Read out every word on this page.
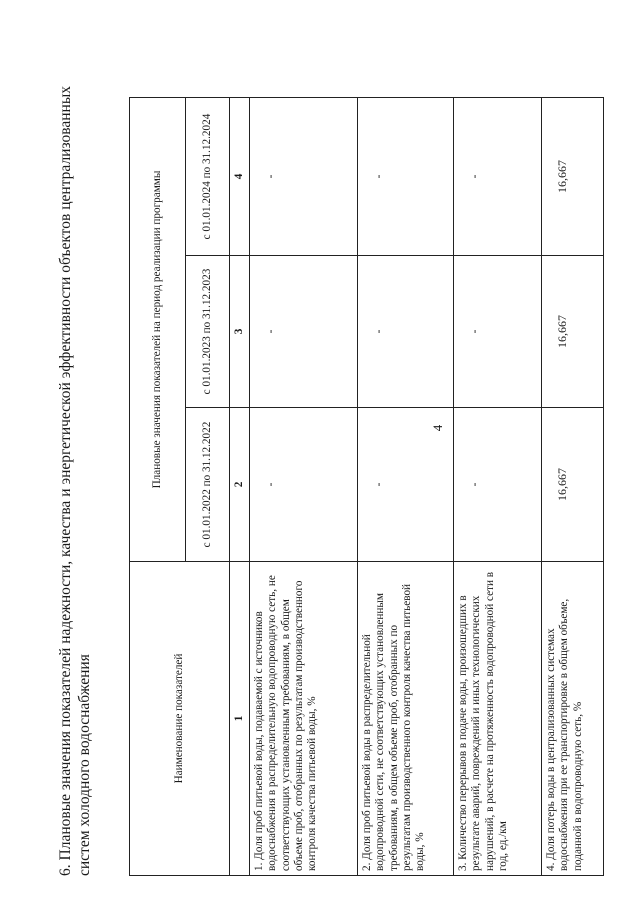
4
6. Плановые значения показателей надежности, качества и энергетической эффективности объектов централизованных систем холодного водоснабжения	Наименование показателей	Плановые значения показателей на период реализации программы		
	с 01.01.2022 по 31.12.2022	с 01.01.2023 по 31.12.2023	с 01.01.2024 по 31.12.2024
1	2	3	4
1. Доля проб питьевой воды, подаваемой с источников водоснабжения в распределительную водопроводную сеть, не соответствующих установленным требованиям, в общем объеме проб, отобранных по результатам производственного контроля качества питьевой воды, %	-	-	-
2. Доля проб питьевой воды в распределительной водопроводной сети, не соответствующих установленным требованиям, в общем объеме проб, отобранных по результатам производственного контроля качества питьевой воды, %	-	-	-
3. Количество перерывов в подаче воды, произошедших в результате аварий, повреждений и иных технологических нарушений, в расчете на протяженность водопроводной сети в год, ед./км	-	-	-
4. Доля потерь воды в централизованных системах водоснабжения при ее транспортировке в общем объеме, поданной в водопроводную сеть, %	16,667	16,667	16,667
